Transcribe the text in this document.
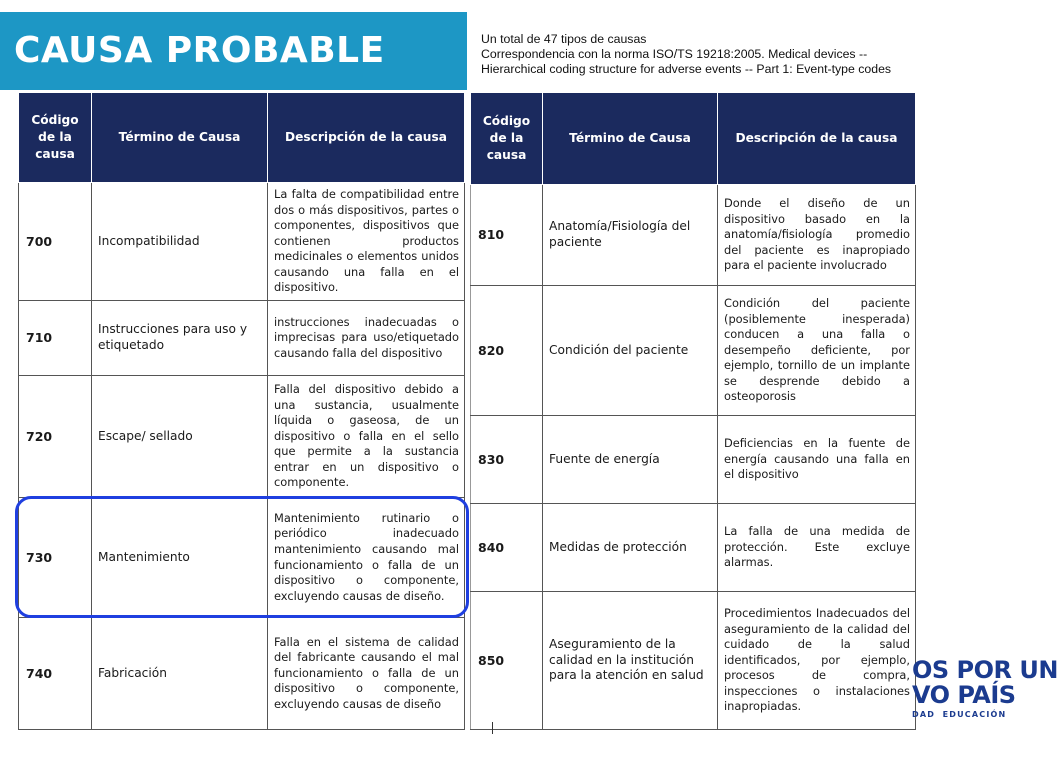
CAUSA PROBABLE	Un total de 47 tipos de causas
Correspondencia con la norma ISO/TS 19218:2005. Medical devices --
Hierarchical coding structure for adverse events -- Part 1: Event-type codes
Código
de la
causa	Término de Causa	Descripción de la causa
700	Incompatibilidad	La falta de compatibilidad entre dos o más dispositivos, partes o componentes, dispositivos que contienen productos medicinales o elementos unidos causando una falla en el dispositivo.
710	Instrucciones para uso y etiquetado	instrucciones inadecuadas o imprecisas para uso/etiquetado causando falla del dispositivo
720	Escape/ sellado	Falla del dispositivo debido a una sustancia, usualmente líquida o gaseosa, de un dispositivo o falla en el sello que permite a la sustancia entrar en un dispositivo o componente.
730	Mantenimiento	Mantenimiento rutinario o periódico inadecuado mantenimiento causando mal funcionamiento o falla de un dispositivo o componente, excluyendo causas de diseño.
740	Fabricación	Falla en el sistema de calidad del fabricante causando el mal funcionamiento o falla de un dispositivo o componente, excluyendo causas de diseño
Código
de la
causa	Término de Causa	Descripción de la causa
810	Anatomía/Fisiología del paciente	Donde el diseño de un dispositivo basado en la anatomía/fisiología promedio del paciente es inapropiado para el paciente involucrado
820	Condición del paciente	Condición del paciente (posiblemente inesperada) conducen a una falla o desempeño deficiente, por ejemplo, tornillo de un implante se desprende debido a osteoporosis
830	Fuente de energía	Deficiencias en la fuente de energía causando una falla en el dispositivo
840	Medidas de protección	La falla de una medida de protección. Este excluye alarmas.
850	Aseguramiento de la calidad en la institución para la atención en salud	Procedimientos Inadecuados del aseguramiento de la calidad del cuidado de la salud identificados, por ejemplo, procesos de compra, inspecciones o instalaciones inapropiadas.
OS POR UN
VO PAÍS
DAD EDUCACIÓN
